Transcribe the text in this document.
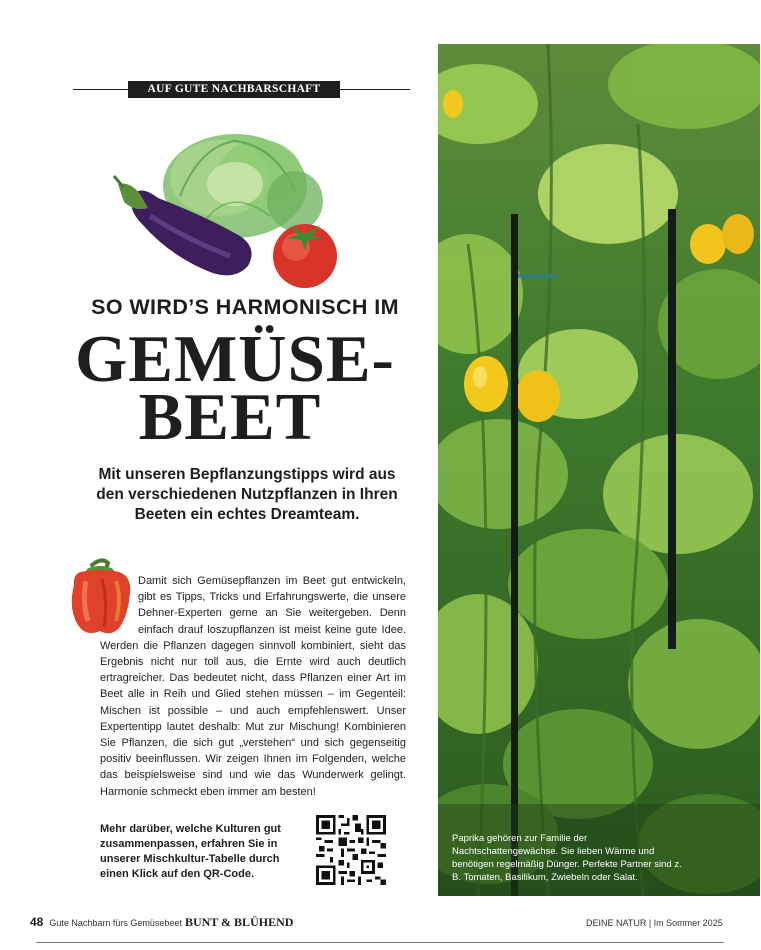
AUF GUTE NACHBARSCHAFT
SO WIRD’S HARMONISCH IM
GEMÜSE-
BEET
Mit unseren Bepflanzungstipps wird aus den verschiedenen Nutzpflanzen in Ihren Beeten ein echtes Dreamteam.
Damit sich Gemüsepflanzen im Beet gut entwickeln, gibt es Tipps, Tricks und Erfahrungswerte, die unsere Dehner-Experten gerne an Sie weitergeben. Denn einfach drauf loszupflanzen ist meist keine gute Idee. Werden die Pflanzen dagegen sinnvoll kombiniert, sieht das Ergebnis nicht nur toll aus, die Ernte wird auch deutlich ertragreicher. Das bedeutet nicht, dass Pflanzen einer Art im Beet alle in Reih und Glied stehen müssen – im Gegenteil: Mischen ist possible – und auch empfehlenswert. Unser Expertentipp lautet deshalb: Mut zur Mischung! Kombinieren Sie Pflanzen, die sich gut „verstehen“ und sich gegenseitig positiv beeinflussen. Wir zeigen Ihnen im Folgenden, welche das beispielsweise sind und wie das Wunderwerk gelingt. Harmonie schmeckt eben immer am besten!
Mehr darüber, welche Kulturen gut zusammenpassen, erfahren Sie in unserer Mischkultur-Tabelle durch einen Klick auf den QR-Code.
Paprika gehören zur Familie der Nachtschattengewächse. Sie lieben Wärme und benötigen regelmäßig Dünger. Perfekte Partner sind z. B. Tomaten, Basilikum, Zwiebeln oder Salat.
48 Gute Nachbarn fürs Gemüsebeet BUNT & BLÜHEND	DEINE NATUR | Im Sommer 2025
